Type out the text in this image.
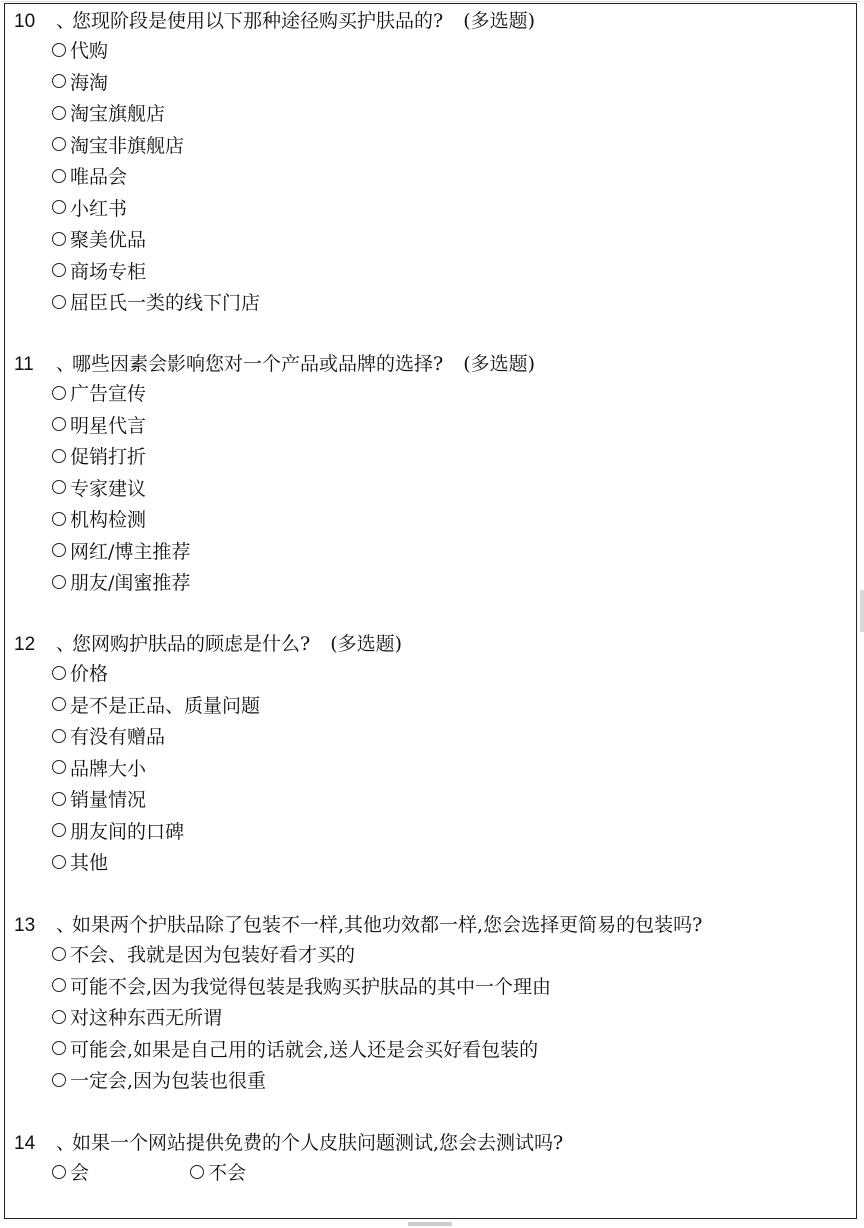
10	、
您现阶段是使用以下那种途径购买护肤品的? (多选题)
代购
海淘
淘宝旗舰店
淘宝非旗舰店
唯品会
小红书
聚美优品
商场专柜
屈臣氏一类的线下门店
11	、
哪些因素会影响您对一个产品或品牌的选择? (多选题)
广告宣传
明星代言
促销打折
专家建议
机构检测
网红/博主推荐
朋友/闺蜜推荐
12	、
您网购护肤品的顾虑是什么? (多选题)
价格
是不是正品、质量问题
有没有赠品
品牌大小
销量情况
朋友间的口碑
其他
13	、
如果两个护肤品除了包装不一样,其他功效都一样,您会选择更简易的包装吗?
不会、我就是因为包装好看才买的
可能不会,因为我觉得包装是我购买护肤品的其中一个理由
对这种东西无所谓
可能会,如果是自己用的话就会,送人还是会买好看包装的
一定会,因为包装也很重
14	、
如果一个网站提供免费的个人皮肤问题测试,您会去测试吗?
会	不会
